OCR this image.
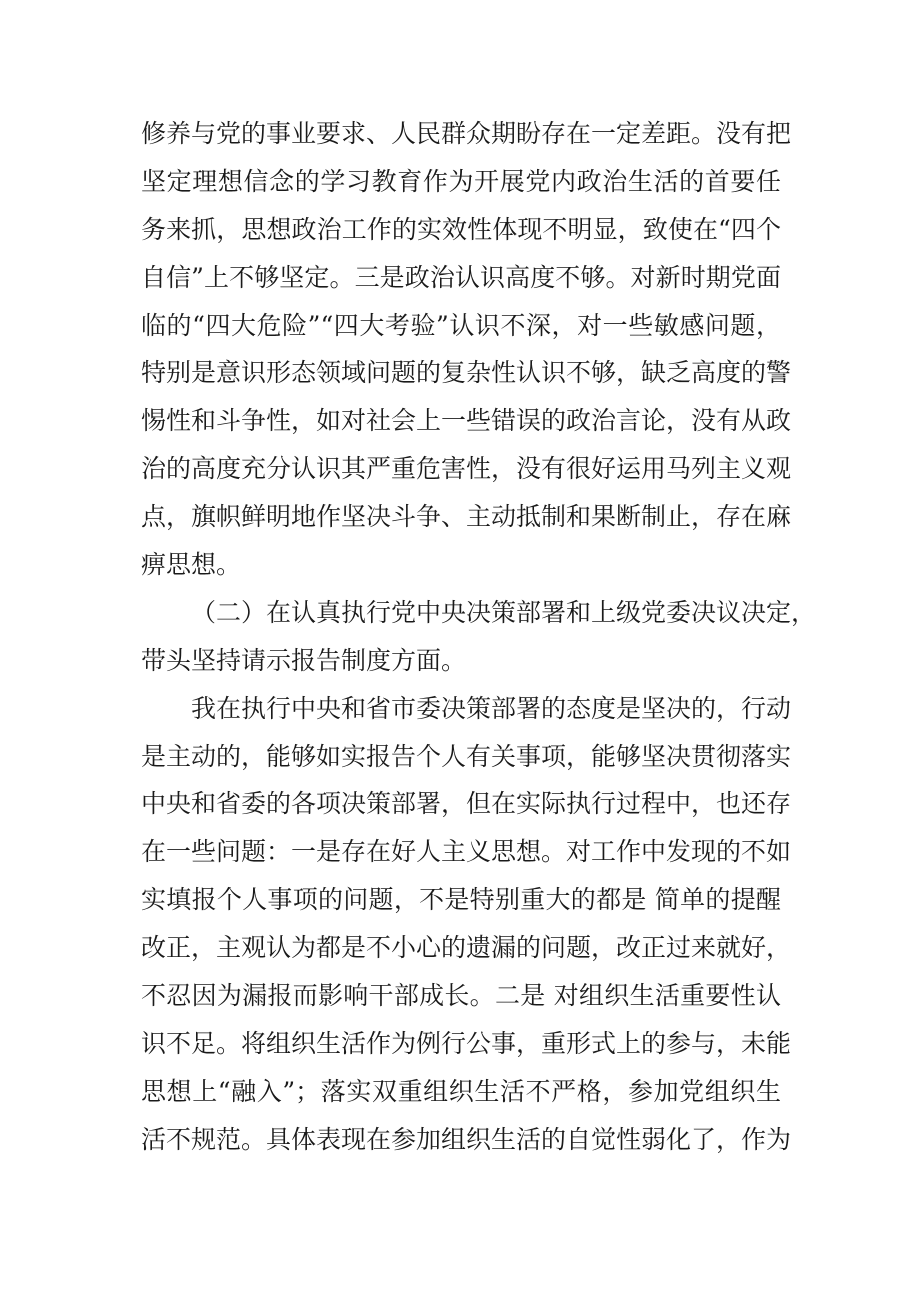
修养与党的事业要求、人民群众期盼存在一定差距。没有把
坚定理想信念的学习教育作为开展党内政治生活的首要任
务来抓，思想政治工作的实效性体现不明显，致使在“四个
自信”上不够坚定。三是政治认识高度不够。对新时期党面
临的“四大危险”“四大考验”认识不深，对一些敏感问题，
特别是意识形态领域问题的复杂性认识不够，缺乏高度的警
惕性和斗争性，如对社会上一些错误的政治言论，没有从政
治的高度充分认识其严重危害性，没有很好运用马列主义观
点，旗帜鲜明地作坚决斗争、主动抵制和果断制止，存在麻
痹思想。
（二）在认真执行党中央决策部署和上级党委决议决定，
带头坚持请示报告制度方面。
我在执行中央和省市委决策部署的态度是坚决的，行动
是主动的，能够如实报告个人有关事项，能够坚决贯彻落实
中央和省委的各项决策部署，但在实际执行过程中，也还存
在一些问题：一是存在好人主义思想。对工作中发现的不如
实填报个人事项的问题，不是特别重大的都是 简单的提醒
改正，主观认为都是不小心的遗漏的问题，改正过来就好，
不忍因为漏报而影响干部成长。二是 对组织生活重要性认
识不足。将组织生活作为例行公事，重形式上的参与，未能
思想上“融入”；落实双重组织生活不严格，参加党组织生
活不规范。具体表现在参加组织生活的自觉性弱化了，作为
